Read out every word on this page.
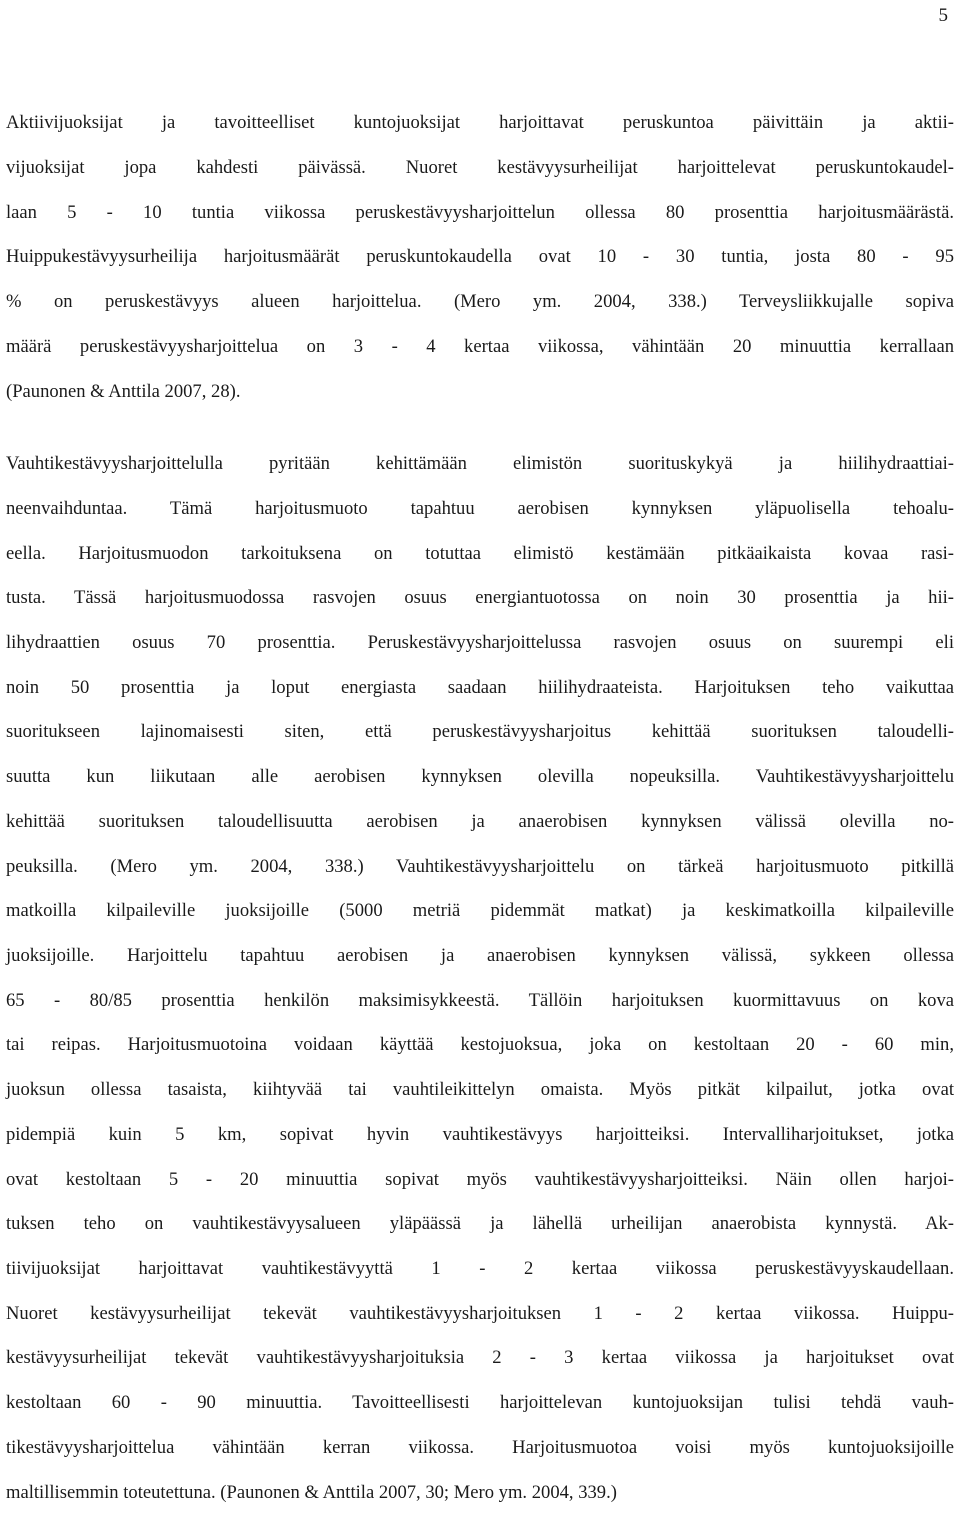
5
Aktiivijuoksijat ja tavoitteelliset kuntojuoksijat harjoittavat peruskuntoa päivittäin ja aktii-
vijuoksijat jopa kahdesti päivässä. Nuoret kestävyysurheilijat harjoittelevat peruskuntokaudel-
laan 5 - 10 tuntia viikossa peruskestävyysharjoittelun ollessa 80 prosenttia harjoitusmäärästä.
Huippukestävyysurheilija harjoitusmäärät peruskuntokaudella ovat 10 - 30 tuntia, josta 80 - 95
% on peruskestävyys alueen harjoittelua. (Mero ym. 2004, 338.) Terveysliikkujalle sopiva
määrä peruskestävyysharjoittelua on 3 - 4 kertaa viikossa, vähintään 20 minuuttia kerrallaan
(Paunonen & Anttila 2007, 28).
Vauhtikestävyysharjoittelulla pyritään kehittämään elimistön suorituskykyä ja hiilihydraattiai-
neenvaihduntaa. Tämä harjoitusmuoto tapahtuu aerobisen kynnyksen yläpuolisella tehoalu-
eella. Harjoitusmuodon tarkoituksena on totuttaa elimistö kestämään pitkäaikaista kovaa rasi-
tusta. Tässä harjoitusmuodossa rasvojen osuus energiantuotossa on noin 30 prosenttia ja hii-
lihydraattien osuus 70 prosenttia. Peruskestävyysharjoittelussa rasvojen osuus on suurempi eli
noin 50 prosenttia ja loput energiasta saadaan hiilihydraateista. Harjoituksen teho vaikuttaa
suoritukseen lajinomaisesti siten, että peruskestävyysharjoitus kehittää suorituksen taloudelli-
suutta kun liikutaan alle aerobisen kynnyksen olevilla nopeuksilla. Vauhtikestävyysharjoittelu
kehittää suorituksen taloudellisuutta aerobisen ja anaerobisen kynnyksen välissä olevilla no-
peuksilla. (Mero ym. 2004, 338.) Vauhtikestävyysharjoittelu on tärkeä harjoitusmuoto pitkillä
matkoilla kilpaileville juoksijoille (5000 metriä pidemmät matkat) ja keskimatkoilla kilpaileville
juoksijoille. Harjoittelu tapahtuu aerobisen ja anaerobisen kynnyksen välissä, sykkeen ollessa
65 - 80/85 prosenttia henkilön maksimisykkeestä. Tällöin harjoituksen kuormittavuus on kova
tai reipas. Harjoitusmuotoina voidaan käyttää kestojuoksua, joka on kestoltaan 20 - 60 min,
juoksun ollessa tasaista, kiihtyvää tai vauhtileikittelyn omaista. Myös pitkät kilpailut, jotka ovat
pidempiä kuin 5 km, sopivat hyvin vauhtikestävyys harjoitteiksi. Intervalliharjoitukset, jotka
ovat kestoltaan 5 - 20 minuuttia sopivat myös vauhtikestävyysharjoitteiksi. Näin ollen harjoi-
tuksen teho on vauhtikestävyysalueen yläpäässä ja lähellä urheilijan anaerobista kynnystä. Ak-
tiivijuoksijat harjoittavat vauhtikestävyyttä 1 - 2 kertaa viikossa peruskestävyyskaudellaan.
Nuoret kestävyysurheilijat tekevät vauhtikestävyysharjoituksen 1 - 2 kertaa viikossa. Huippu-
kestävyysurheilijat tekevät vauhtikestävyysharjoituksia 2 - 3 kertaa viikossa ja harjoitukset ovat
kestoltaan 60 - 90 minuuttia. Tavoitteellisesti harjoittelevan kuntojuoksijan tulisi tehdä vauh-
tikestävyysharjoittelua vähintään kerran viikossa. Harjoitusmuotoa voisi myös kuntojuoksijoille
maltillisemmin toteutettuna. (Paunonen & Anttila 2007, 30; Mero ym. 2004, 339.)
